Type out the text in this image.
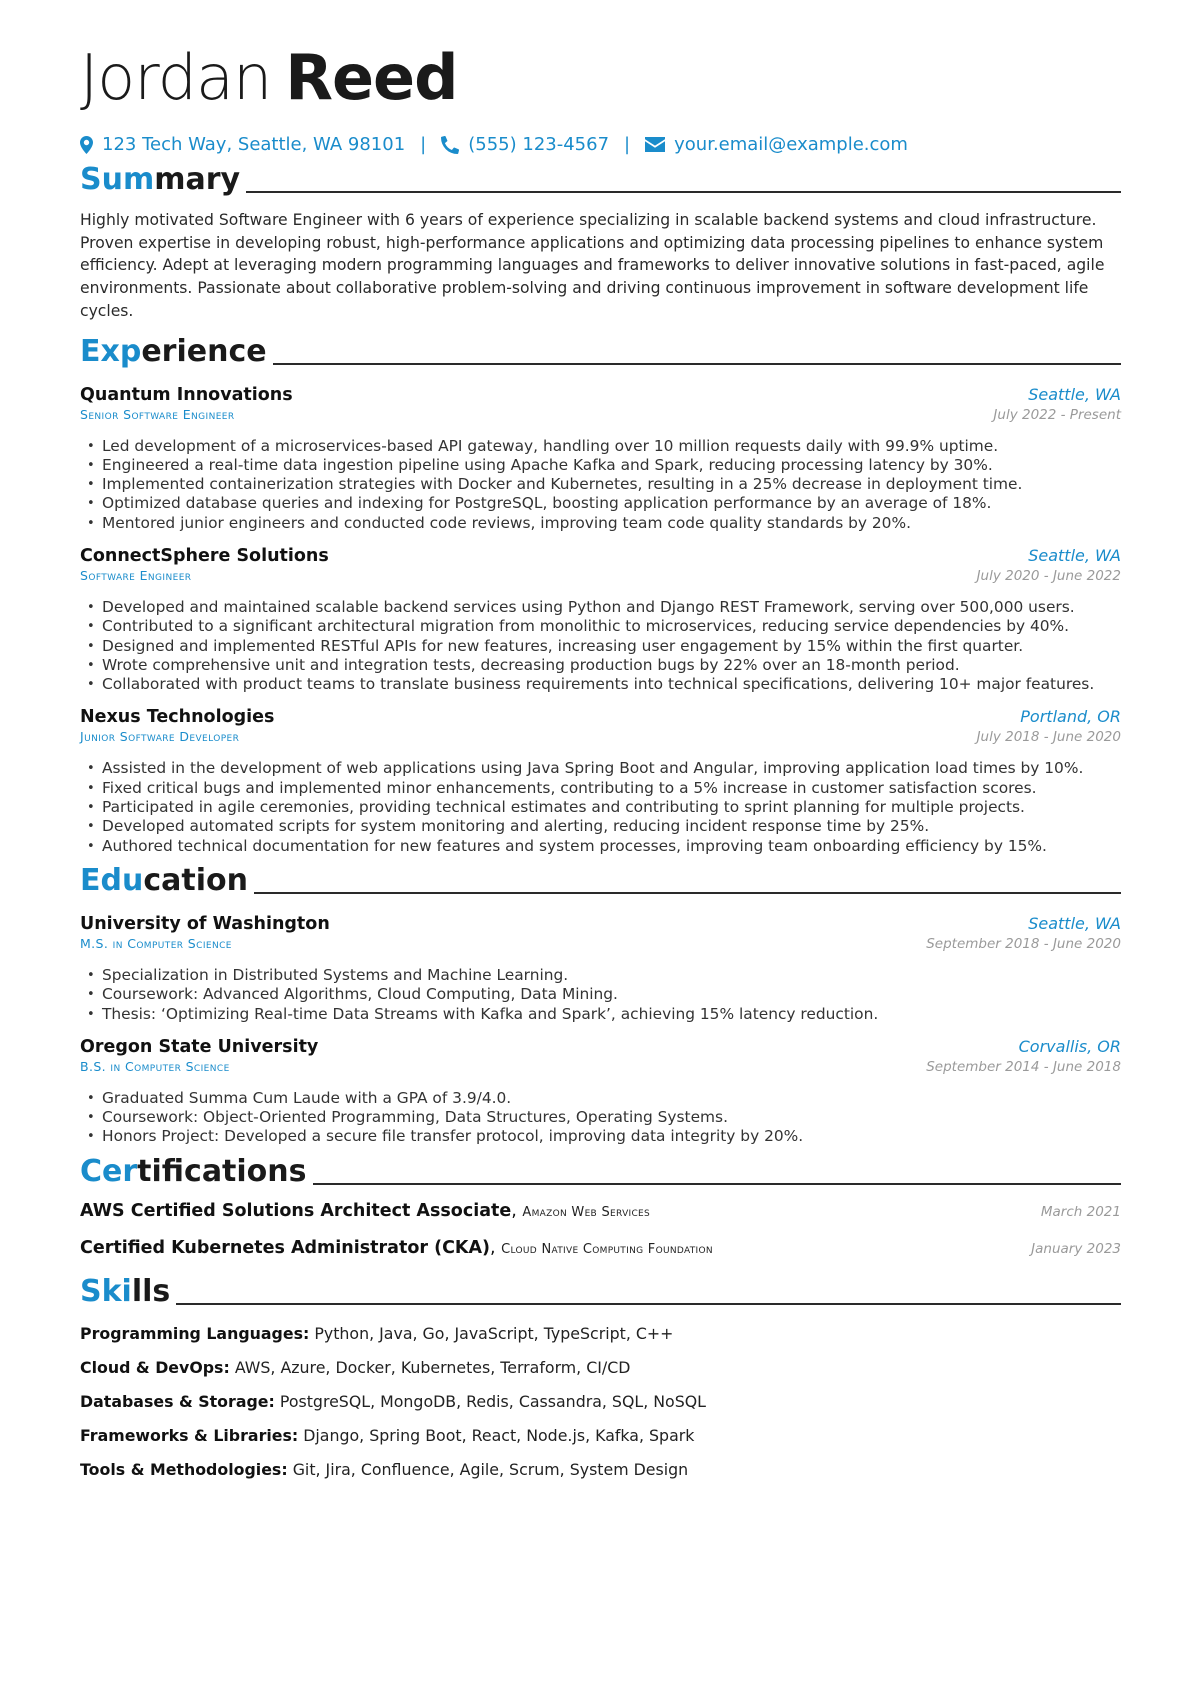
Jordan Reed
123 Tech Way, Seattle, WA 98101 | (555) 123-4567 | your.email@example.com
Summary
Highly motivated Software Engineer with 6 years of experience specializing in scalable backend systems and cloud infrastructure. Proven expertise in developing robust, high-performance applications and optimizing data processing pipelines to enhance system efficiency. Adept at leveraging modern programming languages and frameworks to deliver innovative solutions in fast-paced, agile environments. Passionate about collaborative problem-solving and driving continuous improvement in software development life cycles.
Experience
Quantum Innovations	Seattle, WA
Senior Software Engineer	July 2022 - Present
• Led development of a microservices-based API gateway, handling over 10 million requests daily with 99.9% uptime.
• Engineered a real-time data ingestion pipeline using Apache Kafka and Spark, reducing processing latency by 30%.
• Implemented containerization strategies with Docker and Kubernetes, resulting in a 25% decrease in deployment time.
• Optimized database queries and indexing for PostgreSQL, boosting application performance by an average of 18%.
• Mentored junior engineers and conducted code reviews, improving team code quality standards by 20%.
ConnectSphere Solutions	Seattle, WA
Software Engineer	July 2020 - June 2022
• Developed and maintained scalable backend services using Python and Django REST Framework, serving over 500,000 users.
• Contributed to a significant architectural migration from monolithic to microservices, reducing service dependencies by 40%.
• Designed and implemented RESTful APIs for new features, increasing user engagement by 15% within the first quarter.
• Wrote comprehensive unit and integration tests, decreasing production bugs by 22% over an 18-month period.
• Collaborated with product teams to translate business requirements into technical specifications, delivering 10+ major features.
Nexus Technologies	Portland, OR
Junior Software Developer	July 2018 - June 2020
• Assisted in the development of web applications using Java Spring Boot and Angular, improving application load times by 10%.
• Fixed critical bugs and implemented minor enhancements, contributing to a 5% increase in customer satisfaction scores.
• Participated in agile ceremonies, providing technical estimates and contributing to sprint planning for multiple projects.
• Developed automated scripts for system monitoring and alerting, reducing incident response time by 25%.
• Authored technical documentation for new features and system processes, improving team onboarding efficiency by 15%.
Education
University of Washington	Seattle, WA
M.S. in Computer Science	September 2018 - June 2020
• Specialization in Distributed Systems and Machine Learning.
• Coursework: Advanced Algorithms, Cloud Computing, Data Mining.
• Thesis: ‘Optimizing Real-time Data Streams with Kafka and Spark’, achieving 15% latency reduction.
Oregon State University	Corvallis, OR
B.S. in Computer Science	September 2014 - June 2018
• Graduated Summa Cum Laude with a GPA of 3.9/4.0.
• Coursework: Object-Oriented Programming, Data Structures, Operating Systems.
• Honors Project: Developed a secure file transfer protocol, improving data integrity by 20%.
Certifications
AWS Certified Solutions Architect Associate, Amazon Web Services	March 2021
Certified Kubernetes Administrator (CKA), Cloud Native Computing Foundation	January 2023
Skills
Programming Languages: Python, Java, Go, JavaScript, TypeScript, C++
Cloud & DevOps: AWS, Azure, Docker, Kubernetes, Terraform, CI/CD
Databases & Storage: PostgreSQL, MongoDB, Redis, Cassandra, SQL, NoSQL
Frameworks & Libraries: Django, Spring Boot, React, Node.js, Kafka, Spark
Tools & Methodologies: Git, Jira, Confluence, Agile, Scrum, System Design
